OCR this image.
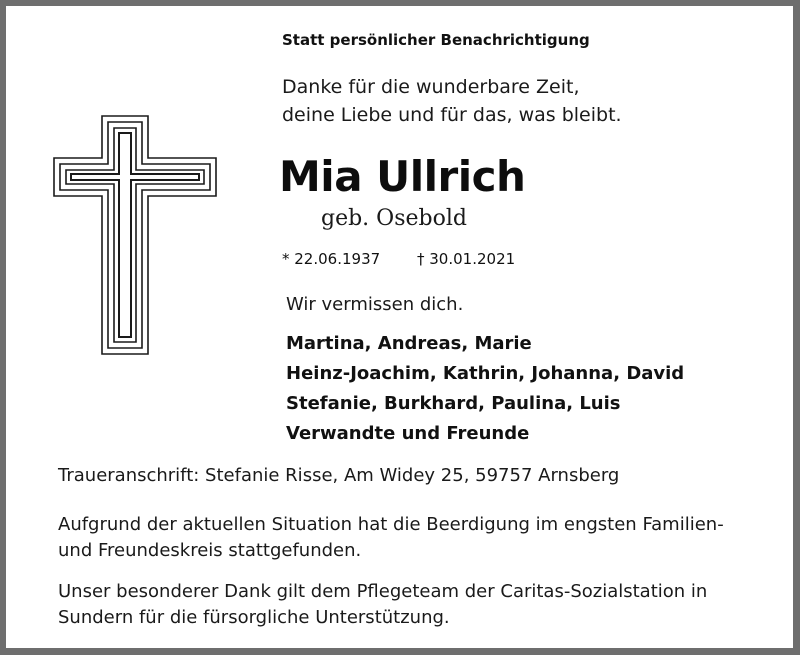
Statt persönlicher Benachrichtigung
Danke für die wunderbare Zeit,
deine Liebe und für das, was bleibt.
Mia Ullrich
geb. Osebold
* 22.06.1937 † 30.01.2021
Wir vermissen dich.
Martina, Andreas, Marie
Heinz-Joachim, Kathrin, Johanna, David
Stefanie, Burkhard, Paulina, Luis
Verwandte und Freunde
Traueranschrift: Stefanie Risse, Am Widey 25, 59757 Arnsberg
Aufgrund der aktuellen Situation hat die Beerdigung im engsten Familien-
und Freundeskreis stattgefunden.
Unser besonderer Dank gilt dem Pflegeteam der Caritas-Sozialstation in
Sundern für die fürsorgliche Unterstützung.
